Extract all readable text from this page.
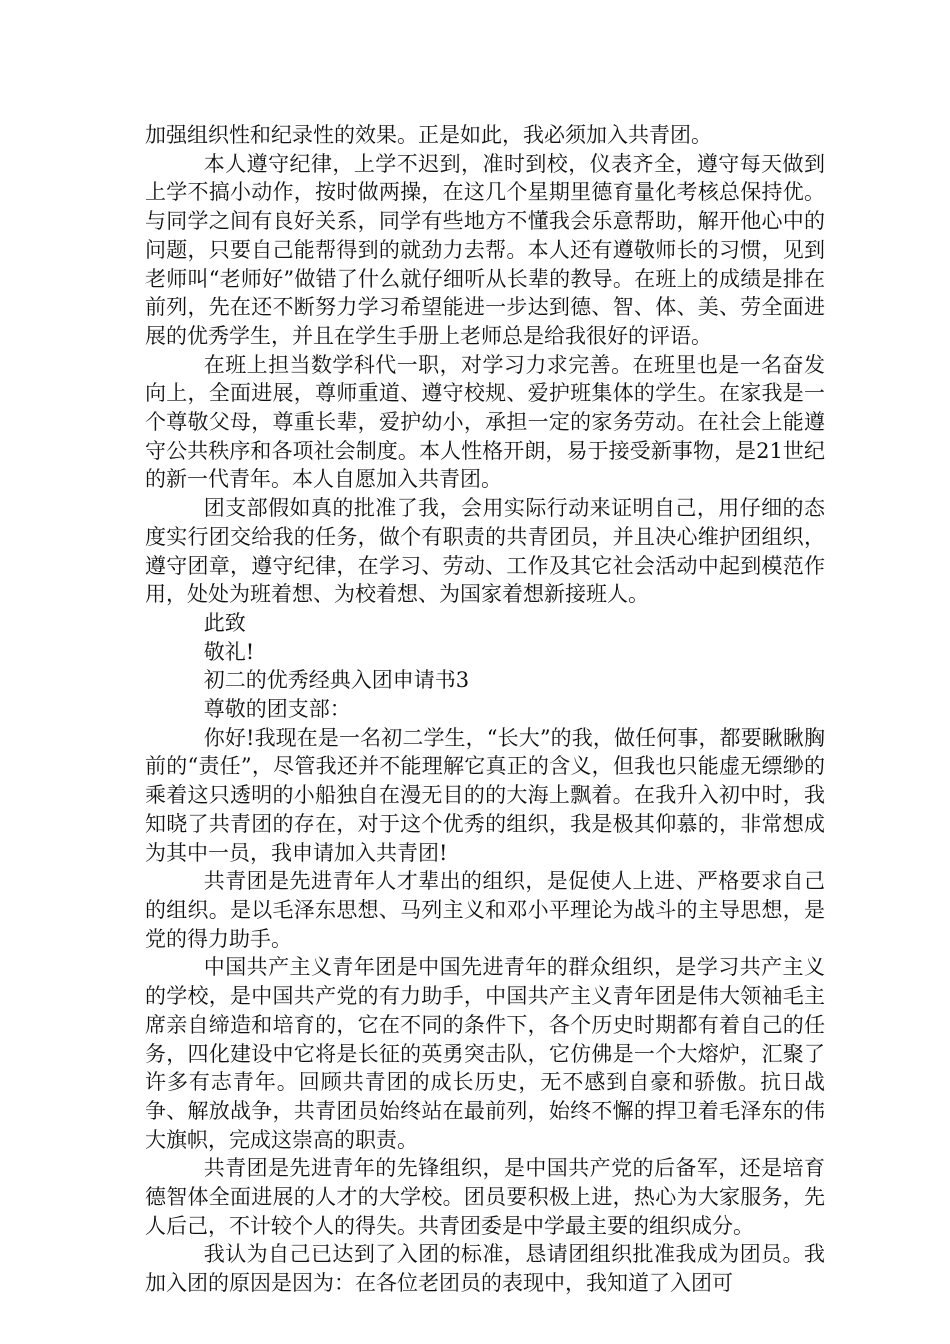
加强组织性和纪录性的效果。正是如此，我必须加入共青团。

本人遵守纪律，上学不迟到，准时到校，仪表齐全，遵守每天做到上学不搞小动作，按时做两操，在这几个星期里德育量化考核总保持优。与同学之间有良好关系，同学有些地方不懂我会乐意帮助，解开他心中的问题，只要自己能帮得到的就劲力去帮。本人还有遵敬师长的习惯，见到老师叫“老师好”做错了什么就仔细听从长辈的教导。在班上的成绩是排在前列，先在还不断努力学习希望能进一步达到德、智、体、美、劳全面进展的优秀学生，并且在学生手册上老师总是给我很好的评语。

在班上担当数学科代一职，对学习力求完善。在班里也是一名奋发向上，全面进展，尊师重道、遵守校规、爱护班集体的学生。在家我是一个尊敬父母，尊重长辈，爱护幼小，承担一定的家务劳动。在社会上能遵守公共秩序和各项社会制度。本人性格开朗，易于接受新事物，是21世纪的新一代青年。本人自愿加入共青团。

团支部假如真的批准了我，会用实际行动来证明自己，用仔细的态度实行团交给我的任务，做个有职责的共青团员，并且决心维护团组织，遵守团章，遵守纪律，在学习、劳动、工作及其它社会活动中起到模范作用，处处为班着想、为校着想、为国家着想新接班人。

此致

敬礼!

初二的优秀经典入团申请书3

尊敬的团支部：

你好!我现在是一名初二学生，“长大”的我，做任何事，都要瞅瞅胸前的“责任”，尽管我还并不能理解它真正的含义，但我也只能虚无缥缈的乘着这只透明的小船独自在漫无目的的大海上飘着。在我升入初中时，我知晓了共青团的存在，对于这个优秀的组织，我是极其仰慕的，非常想成为其中一员，我申请加入共青团!

共青团是先进青年人才辈出的组织，是促使人上进、严格要求自己的组织。是以毛泽东思想、马列主义和邓小平理论为战斗的主导思想，是党的得力助手。

中国共产主义青年团是中国先进青年的群众组织，是学习共产主义的学校，是中国共产党的有力助手，中国共产主义青年团是伟大领袖毛主席亲自缔造和培育的，它在不同的条件下，各个历史时期都有着自己的任务，四化建设中它将是长征的英勇突击队，它仿佛是一个大熔炉，汇聚了许多有志青年。回顾共青团的成长历史，无不感到自豪和骄傲。抗日战争、解放战争，共青团员始终站在最前列，始终不懈的捍卫着毛泽东的伟大旗帜，完成这崇高的职责。

共青团是先进青年的先锋组织，是中国共产党的后备军，还是培育德智体全面进展的人才的大学校。团员要积极上进，热心为大家服务，先人后己，不计较个人的得失。共青团委是中学最主要的组织成分。

我认为自己已达到了入团的标准，恳请团组织批准我成为团员。我加入团的原因是因为：在各位老团员的表现中，我知道了入团可
